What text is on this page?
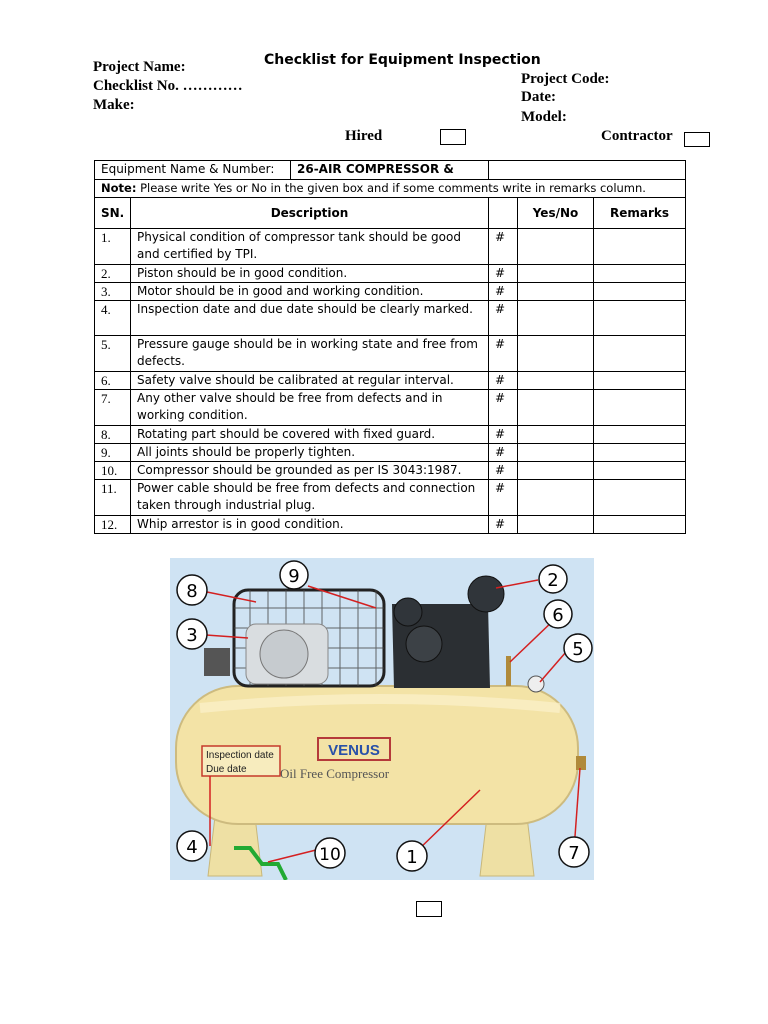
Checklist for Equipment Inspection
Project Name:
Checklist No. …………
Make:
Project Code:
Date:
Model:
Hired	Contractor
Equipment Name & Number: 26-AIR COMPRESSOR &				

Note: Please write Yes or No in the given box and if some comments write in remarks column.				
SN.	Description		Yes/No	Remarks
1.	Physical condition of compressor tank should be good and certified by TPI.	#		
2.	Piston should be in good condition.	#		
3.	Motor should be in good and working condition.	#		
4.	Inspection date and due date should be clearly marked.	#		
5.	Pressure gauge should be in working state and free from defects.	#		
6.	Safety valve should be calibrated at regular interval.	#		
7.	Any other valve should be free from defects and in working condition.	#		
8.	Rotating part should be covered with fixed guard.	#		
9.	All joints should be properly tighten.	#		
10.	Compressor should be grounded as per IS 3043:1987.	#		
11.	Power cable should be free from defects and connection taken through industrial plug.	#		
12.	Whip arrestor is in good condition.	#		
VENUS
Oil Free Compressor
Inspection date
Due date
8
3
9	2
6
5
4	10	1	7
